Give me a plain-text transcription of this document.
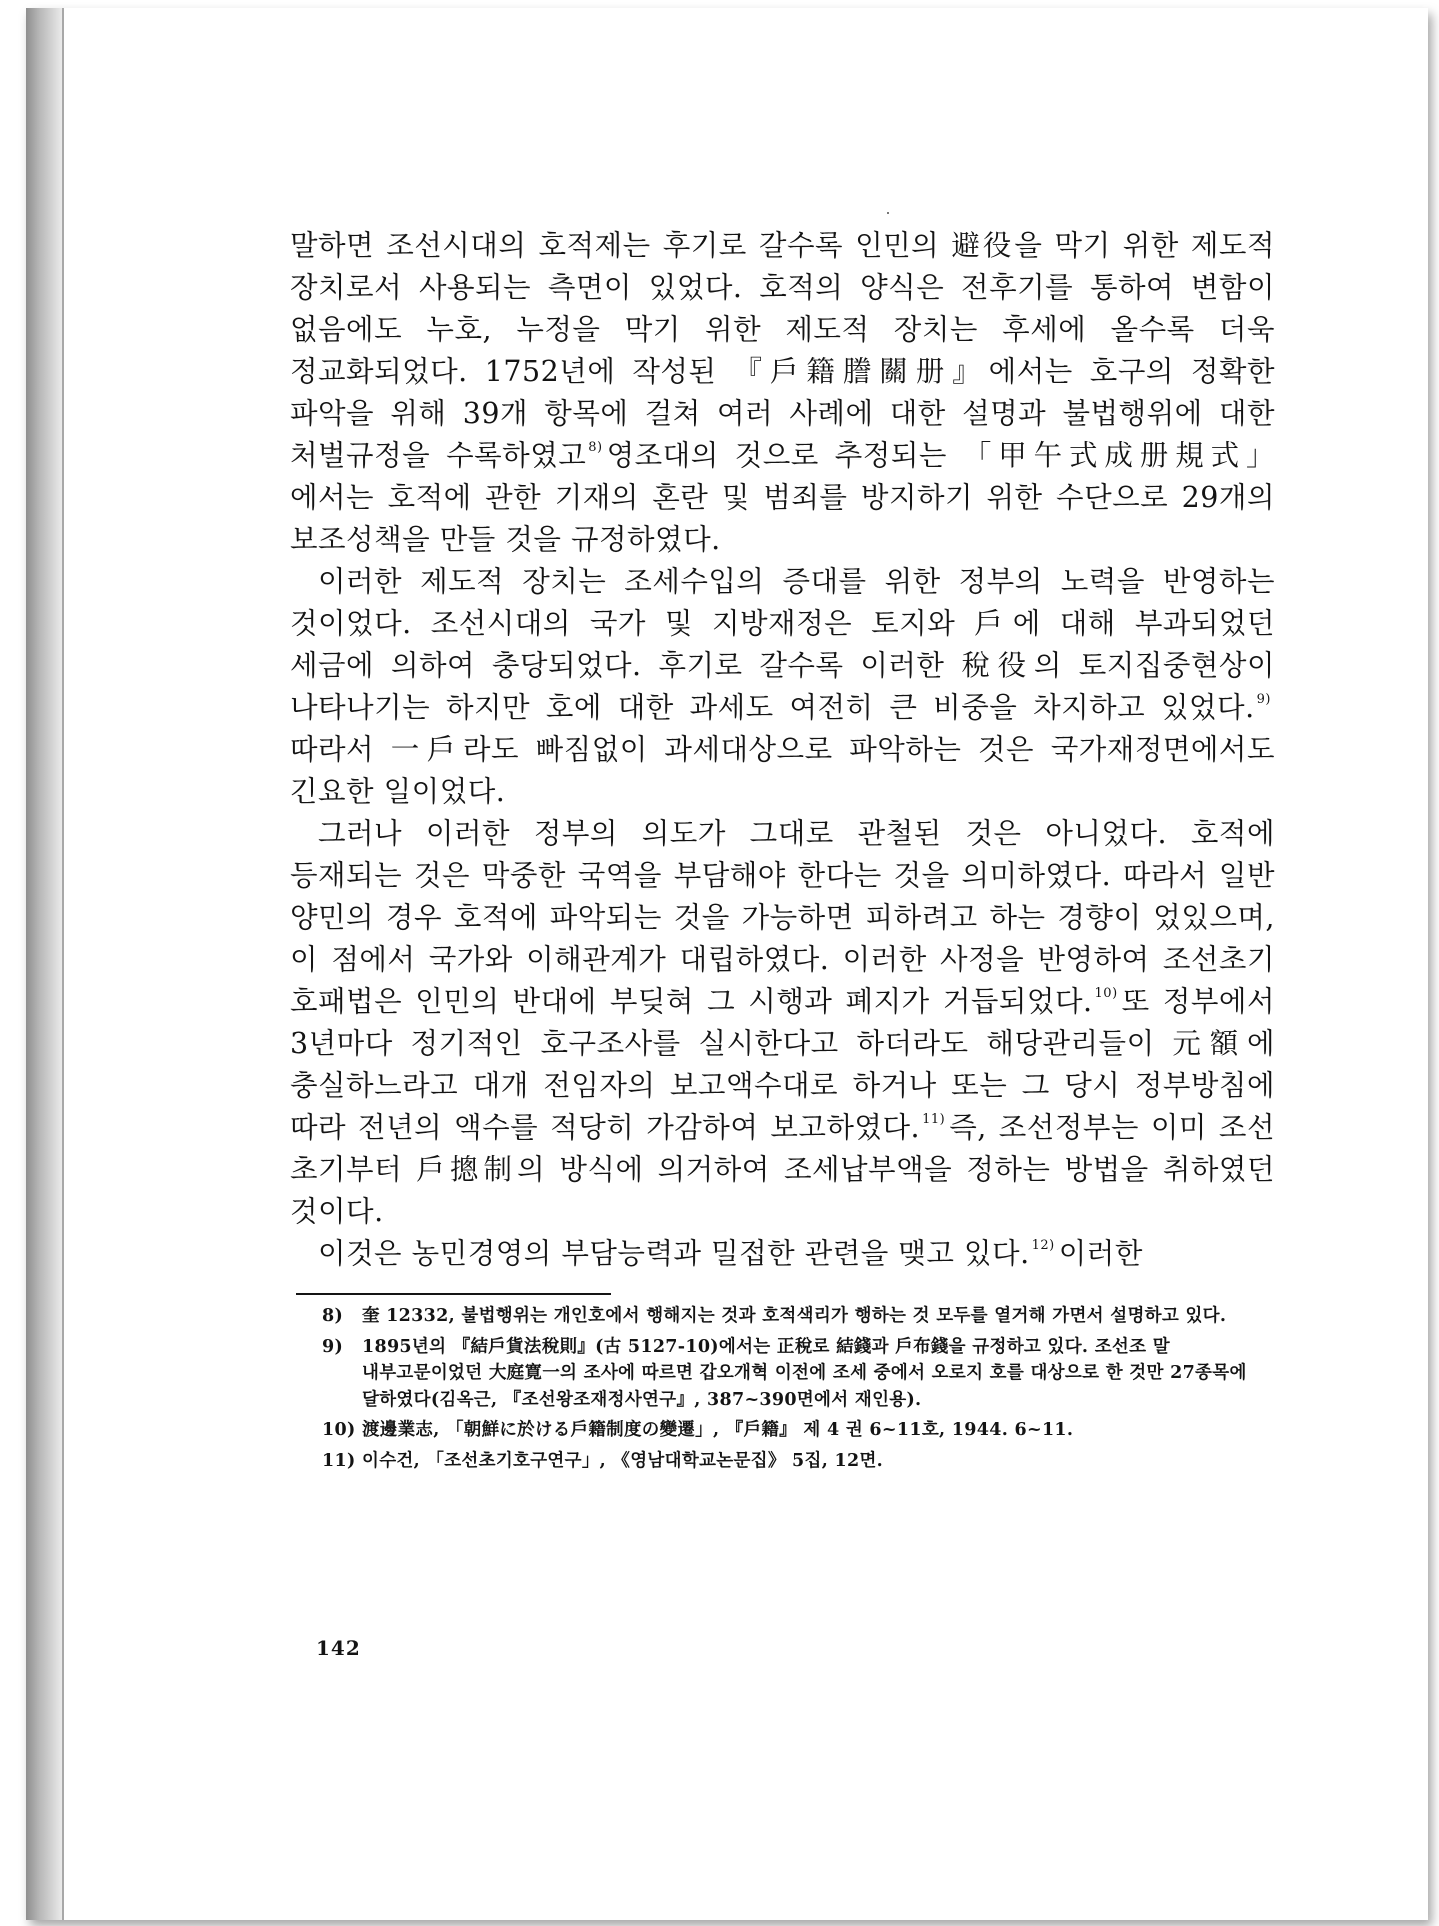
말하면 조선시대의 호적제는 후기로 갈수록 인민의 避役을 막기 위한 제도적 장치로서 사용되는 측면이 있었다. 호적의 양식은 전후기를 통하여 변함이 없음에도 누호, 누정을 막기 위한 제도적 장치는 후세에 올수록 더욱 정교화되었다. 1752년에 작성된 『戶籍謄關册』에서는 호구의 정확한 파악을 위해 39개 항목에 걸쳐 여러 사례에 대한 설명과 불법행위에 대한 처벌규정을 수록하였고 $^{8)}$ 영조대의 것으로 추정되는 「甲午式成册規式」에서는 호적에 관한 기재의 혼란 및 범죄를 방지하기 위한 수단으로 29개의 보조성책을 만들 것을 규정하였다.

이러한 제도적 장치는 조세수입의 증대를 위한 정부의 노력을 반영하는 것이었다. 조선시대의 국가 및 지방재정은 토지와 戶에 대해 부과되었던 세금에 의하여 충당되었다. 후기로 갈수록 이러한 稅役의 토지집중현상이 나타나기는 하지만 호에 대한 과세도 여전히 큰 비중을 차지하고 있었다. $^{9)}$따라서 一戶라도 빠짐없이 과세대상으로 파악하는 것은 국가재정면에서도 긴요한 일이었다.

그러나 이러한 정부의 의도가 그대로 관철된 것은 아니었다. 호적에 등재되는 것은 막중한 국역을 부담해야 한다는 것을 의미하였다. 따라서 일반 양민의 경우 호적에 파악되는 것을 가능하면 피하려고 하는 경향이 었있으며, 이 점에서 국가와 이해관계가 대립하였다. 이러한 사정을 반영하여 조선초기 호패법은 인민의 반대에 부딪혀 그 시행과 폐지가 거듭되었다. $^{10)}$ 또 정부에서 3년마다 정기적인 호구조사를 실시한다고 하더라도 해당관리들이 元額에 충실하느라고 대개 전임자의 보고액수대로 하거나 또는 그 당시 정부방침에 따라 전년의 액수를 적당히 가감하여 보고하였다. $^{11)}$ 즉, 조선정부는 이미 조선 초기부터 戶摠制의 방식에 의거하여 조세납부액을 정하는 방법을 취하였던 것이다.

이것은 농민경영의 부담능력과 밀접한 관련을 맺고 있다. $^{12)}$ 이러한

8) 奎 12332, 불법행위는 개인호에서 행해지는 것과 호적색리가 행하는 것 모두를 열거해 가면서 설명하고 있다.

9) 1895년의 『結戶貨法稅則』(古 5127-10)에서는 正稅로 結錢과 戶布錢을 규정하고 있다. 조선조 말 내부고문이었던 大庭寛一의 조사에 따르면 갑오개혁 이전에 조세 중에서 오로지 호를 대상으로 한 것만 27종목에 달하였다(김옥근, 『조선왕조재정사연구』, 387~390면에서 재인용).

10) 渡邊業志, 「朝鮮に於ける戶籍制度の變遷」, 『戶籍』 제 4 권 6~11호, 1944. 6~11.

11) 이수건, 「조선초기호구연구」, 《영남대학교논문집》 5집, 12면.

142
